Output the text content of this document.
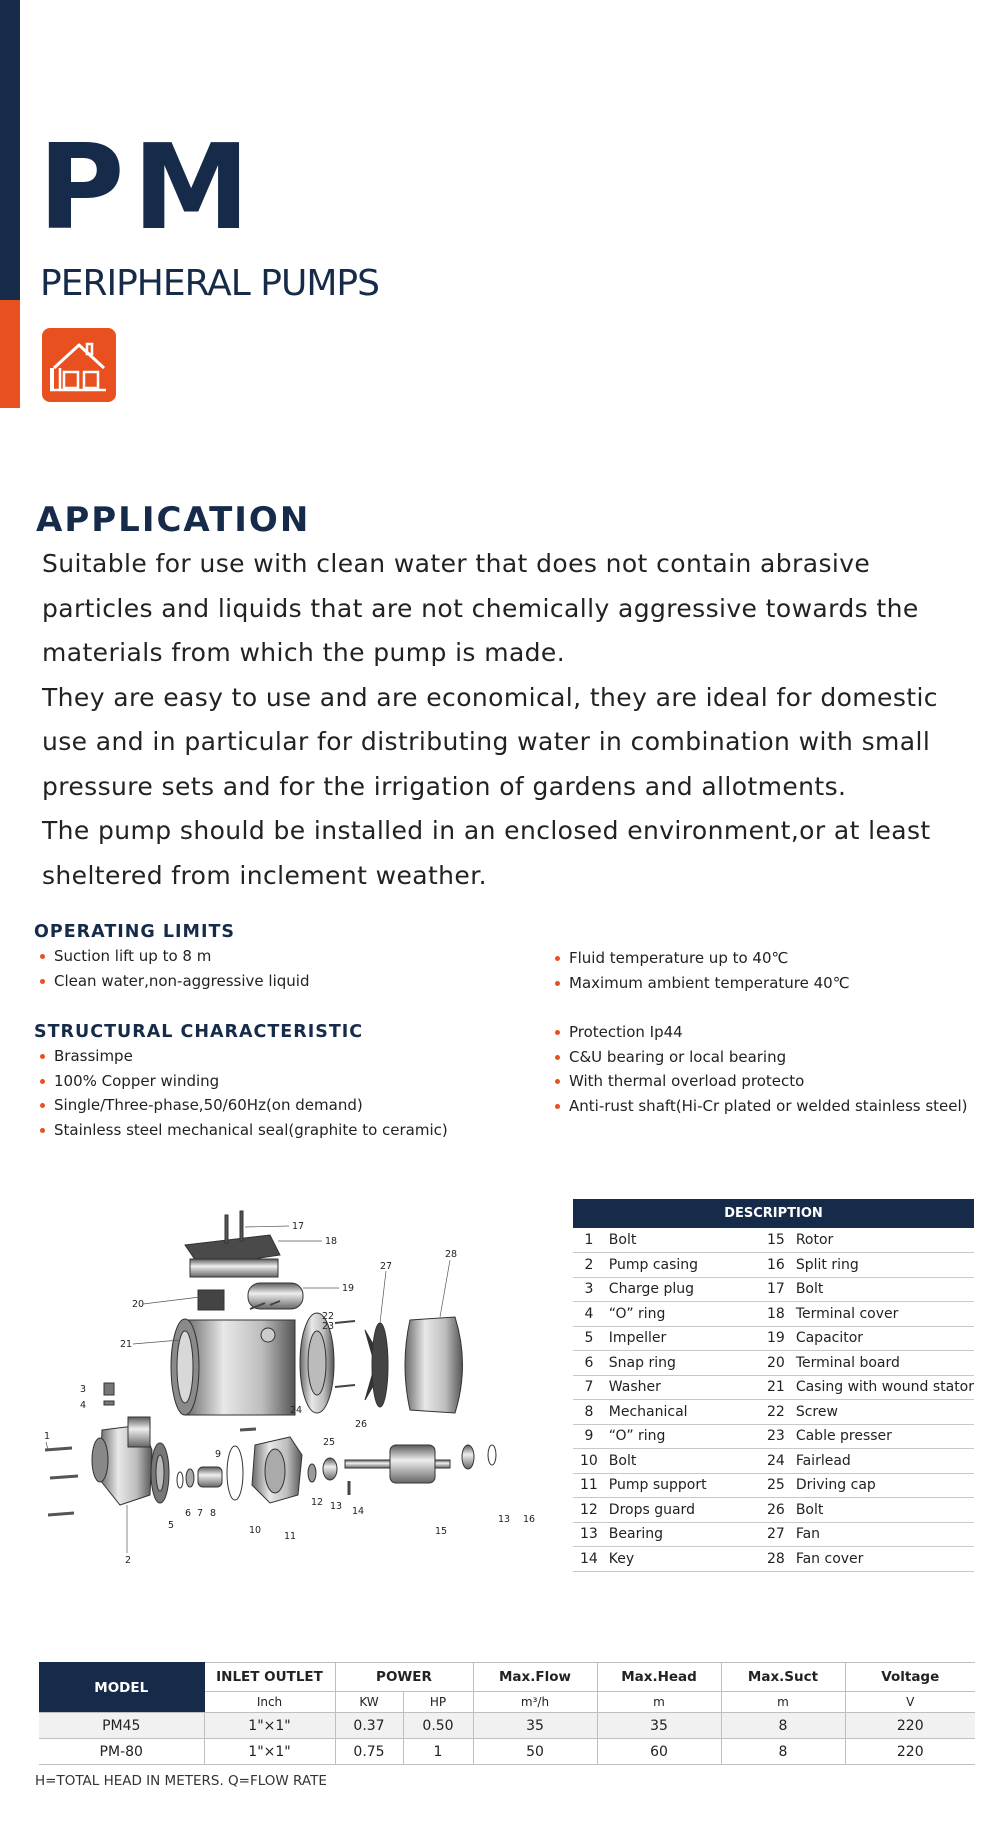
PM
PERIPHERAL PUMPS
APPLICATION

Suitable for use with clean water that does not contain abrasive

particles and liquids that are not chemically aggressive towards the

materials from which the pump is made.

They are easy to use and are economical, they are ideal for domestic

use and in particular for distributing water in combination with small

pressure sets and for the irrigation of gardens and allotments.

The pump should be installed in an enclosed environment,or at least

sheltered from inclement weather.

OPERATING LIMITS
Suction lift up to 8 m
Clean water,non-aggressive liquid
Fluid temperature up to 40℃
Maximum ambient temperature 40℃
STRUCTURAL CHARACTERISTIC
Brassimpe
100% Copper winding
Single/Three-phase,50/60Hz(on demand)
Stainless steel mechanical seal(graphite to ceramic)
Protection Ip44
C&U bearing or local bearing
With thermal overload protecto
Anti-rust shaft(Hi-Cr plated or welded stainless steel)
1
2
3
4
5
6 7 8
9
10
11
12 13 14
15
13 16
17
18
19
20
21
22
23
24
25
26
27
28
DESCRIPTION			
1	Bolt	15	Rotor
2	Pump casing	16	Split ring
3	Charge plug	17	Bolt
4	“O” ring	18	Terminal cover
5	Impeller	19	Capacitor
6	Snap ring	20	Terminal board
7	Washer	21	Casing with wound stator
8	Mechanical	22	Screw
9	“O” ring	23	Cable presser
10	Bolt	24	Fairlead
11	Pump support	25	Driving cap
12	Drops guard	26	Bolt
13	Bearing	27	Fan
14	Key	28	Fan cover
MODEL	INLET OUTLET	POWER		Max.Flow	Max.Head	Max.Suct	Voltage
	Inch	KW	HP	m³/h	m	m	V
PM45	1"×1"	0.37	0.50	35	35	8	220
PM-80	1"×1"	0.75	1	50	60	8	220
H=TOTAL HEAD IN METERS. Q=FLOW RATE
